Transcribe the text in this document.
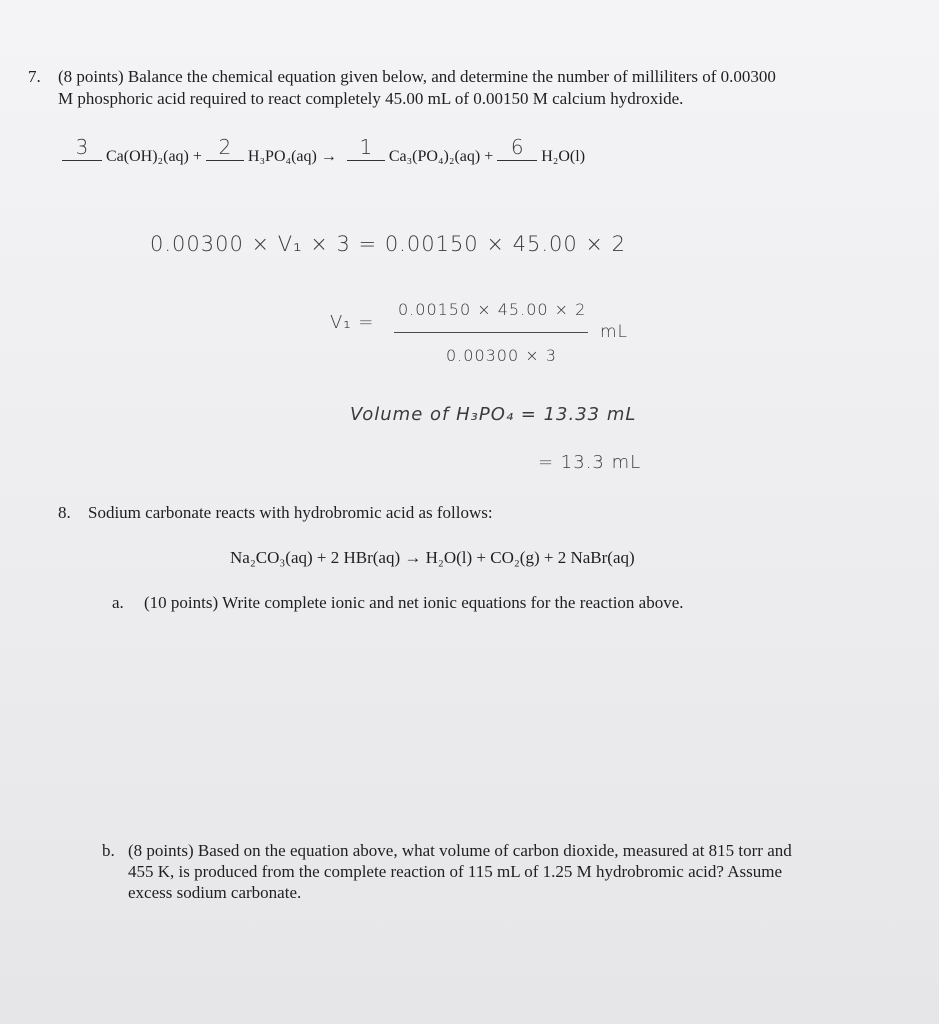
7. (8 points) Balance the chemical equation given below, and determine the number of milliliters of 0.00300
M phosphoric acid required to react completely 45.00 mL of 0.00150 M calcium hydroxide.
3	Ca(OH)₂(aq) + 2	H₃PO₄(aq) →	1	Ca₃(PO₄)₂(aq) + 6	H₂O(l)
0.00300 × V₁ × 3 = 0.00150 × 45.00 × 2
V₁ =
0.00150 × 45.00 × 2
0.00300 × 3
mL
Volume of H₃PO₄ = 13.33 mL
= 13.3 mL
8. Sodium carbonate reacts with hydrobromic acid as follows:
Na₂CO₃(aq) + 2 HBr(aq) → H₂O(l) + CO₂(g) + 2 NaBr(aq)
a. (10 points) Write complete ionic and net ionic equations for the reaction above.
b. (8 points) Based on the equation above, what volume of carbon dioxide, measured at 815 torr and
455 K, is produced from the complete reaction of 115 mL of 1.25 M hydrobromic acid? Assume
excess sodium carbonate.
